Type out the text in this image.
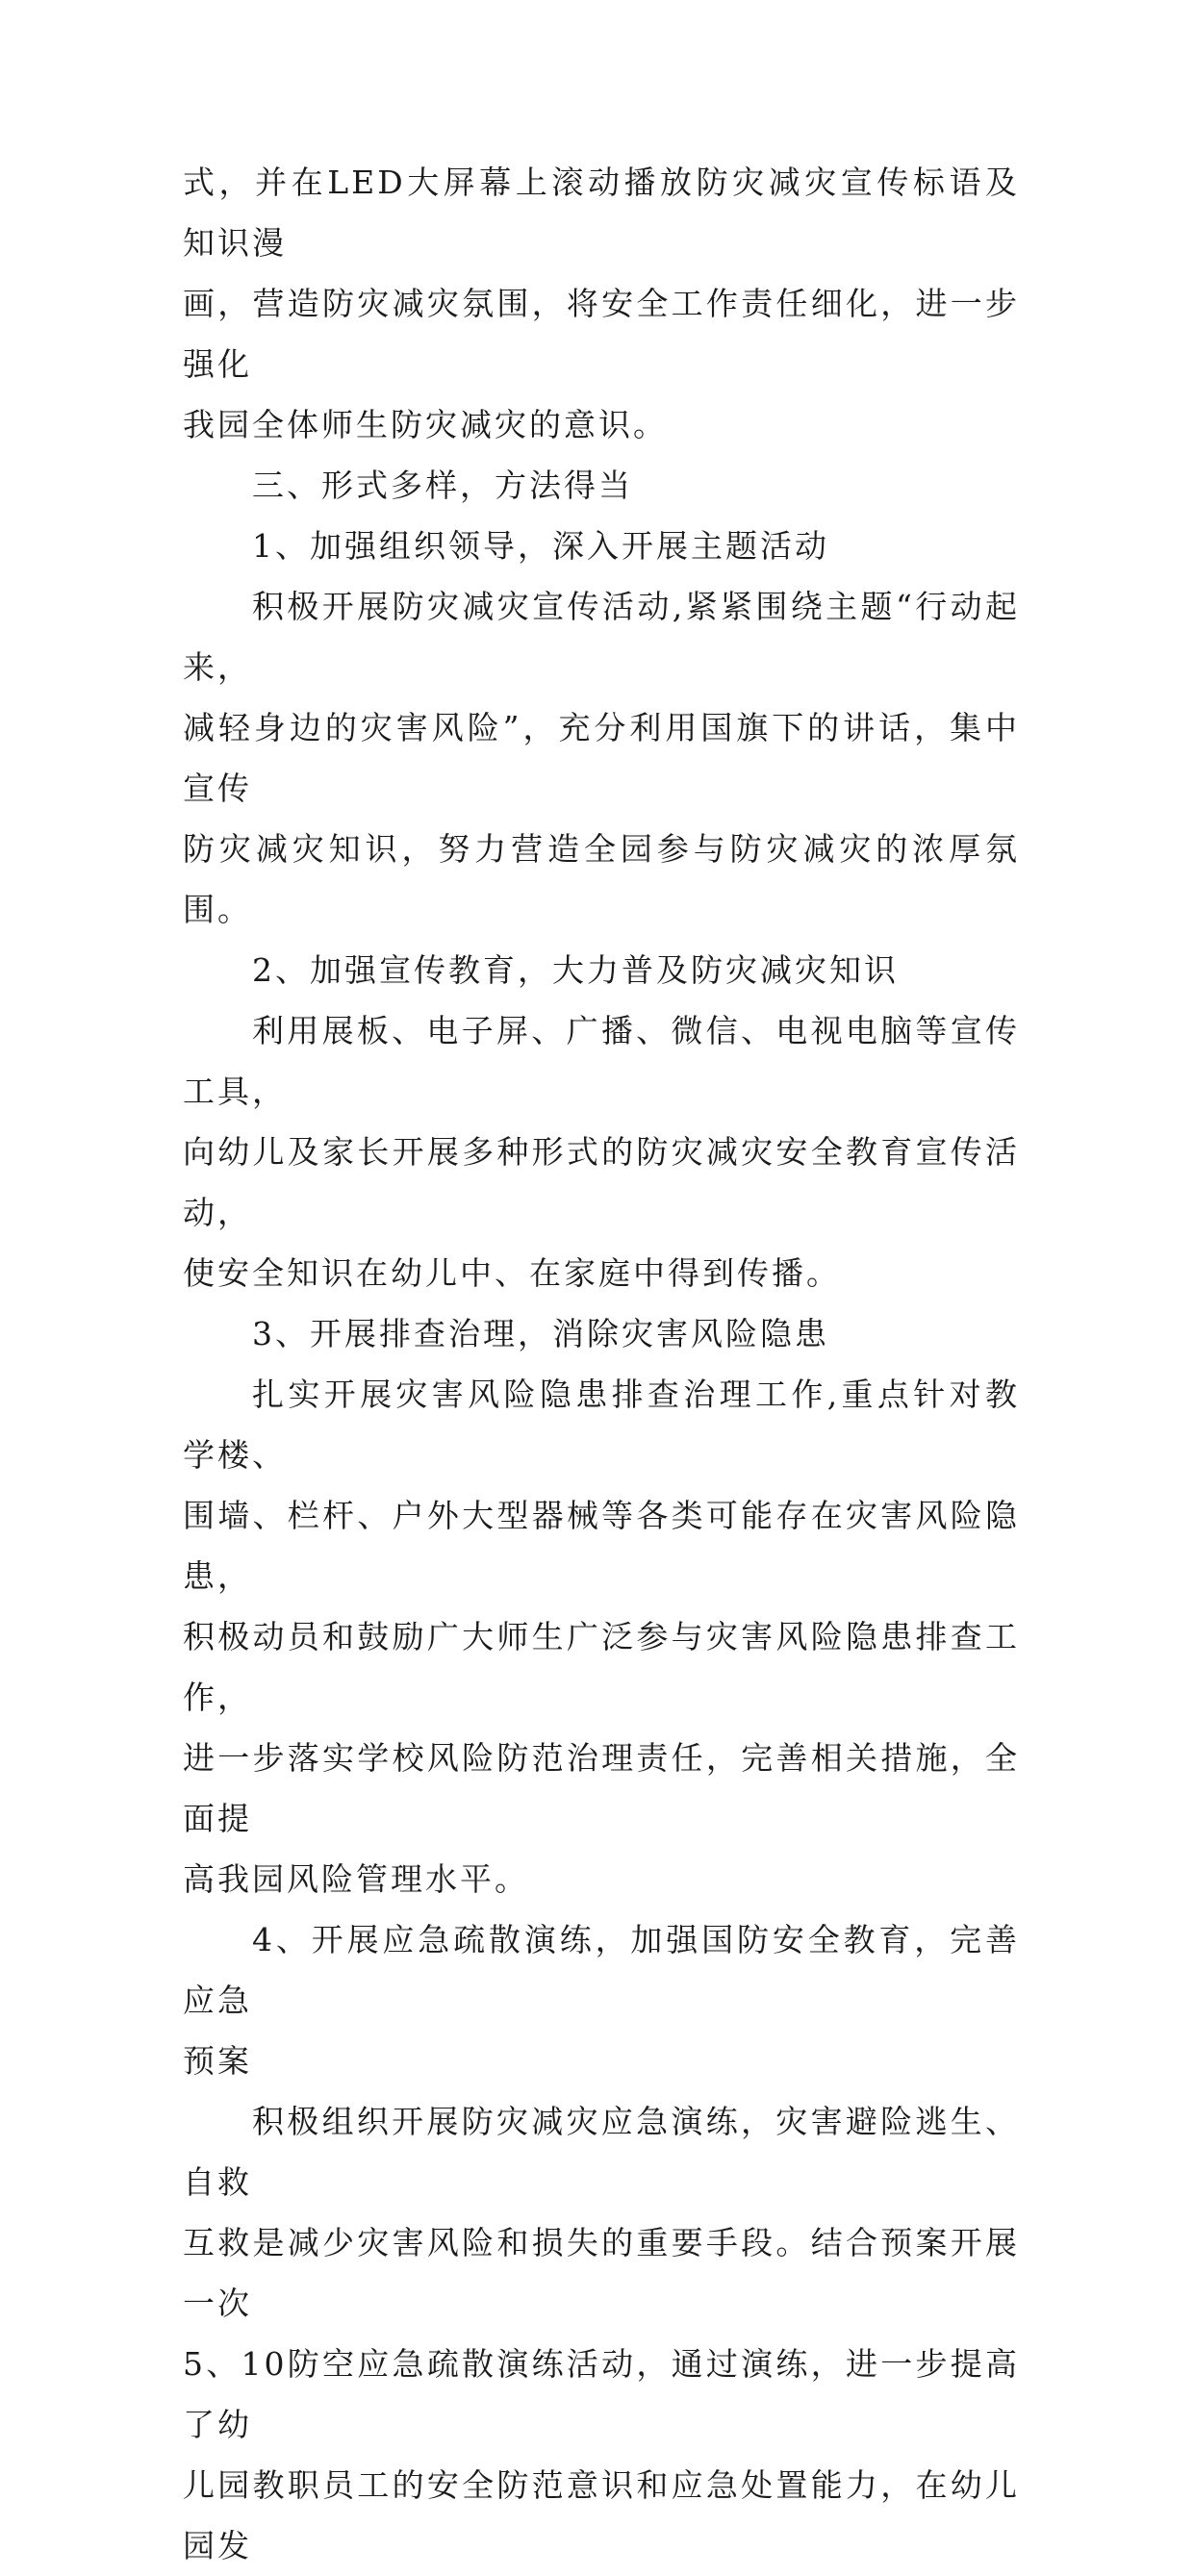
式，并在LED大屏幕上滚动播放防灾减灾宣传标语及知识漫
画，营造防灾减灾氛围，将安全工作责任细化，进一步强化
我园全体师生防灾减灾的意识。

三、形式多样，方法得当

1、加强组织领导，深入开展主题活动

积极开展防灾减灾宣传活动,紧紧围绕主题“行动起来，
减轻身边的灾害风险”，充分利用国旗下的讲话，集中宣传
防灾减灾知识，努力营造全园参与防灾减灾的浓厚氛围。

2、加强宣传教育，大力普及防灾减灾知识

利用展板、电子屏、广播、微信、电视电脑等宣传工具，
向幼儿及家长开展多种形式的防灾减灾安全教育宣传活动，
使安全知识在幼儿中、在家庭中得到传播。

3、开展排查治理，消除灾害风险隐患

扎实开展灾害风险隐患排查治理工作,重点针对教学楼、
围墙、栏杆、户外大型器械等各类可能存在灾害风险隐患，
积极动员和鼓励广大师生广泛参与灾害风险隐患排查工作，
进一步落实学校风险防范治理责任，完善相关措施，全面提
高我园风险管理水平。

4、开展应急疏散演练，加强国防安全教育，完善应急
预案

积极组织开展防灾减灾应急演练，灾害避险逃生、自救
互救是减少灾害风险和损失的重要手段。结合预案开展一次
5、10防空应急疏散演练活动，通过演练，进一步提高了幼
儿园教职员工的安全防范意识和应急处置能力，在幼儿园发
